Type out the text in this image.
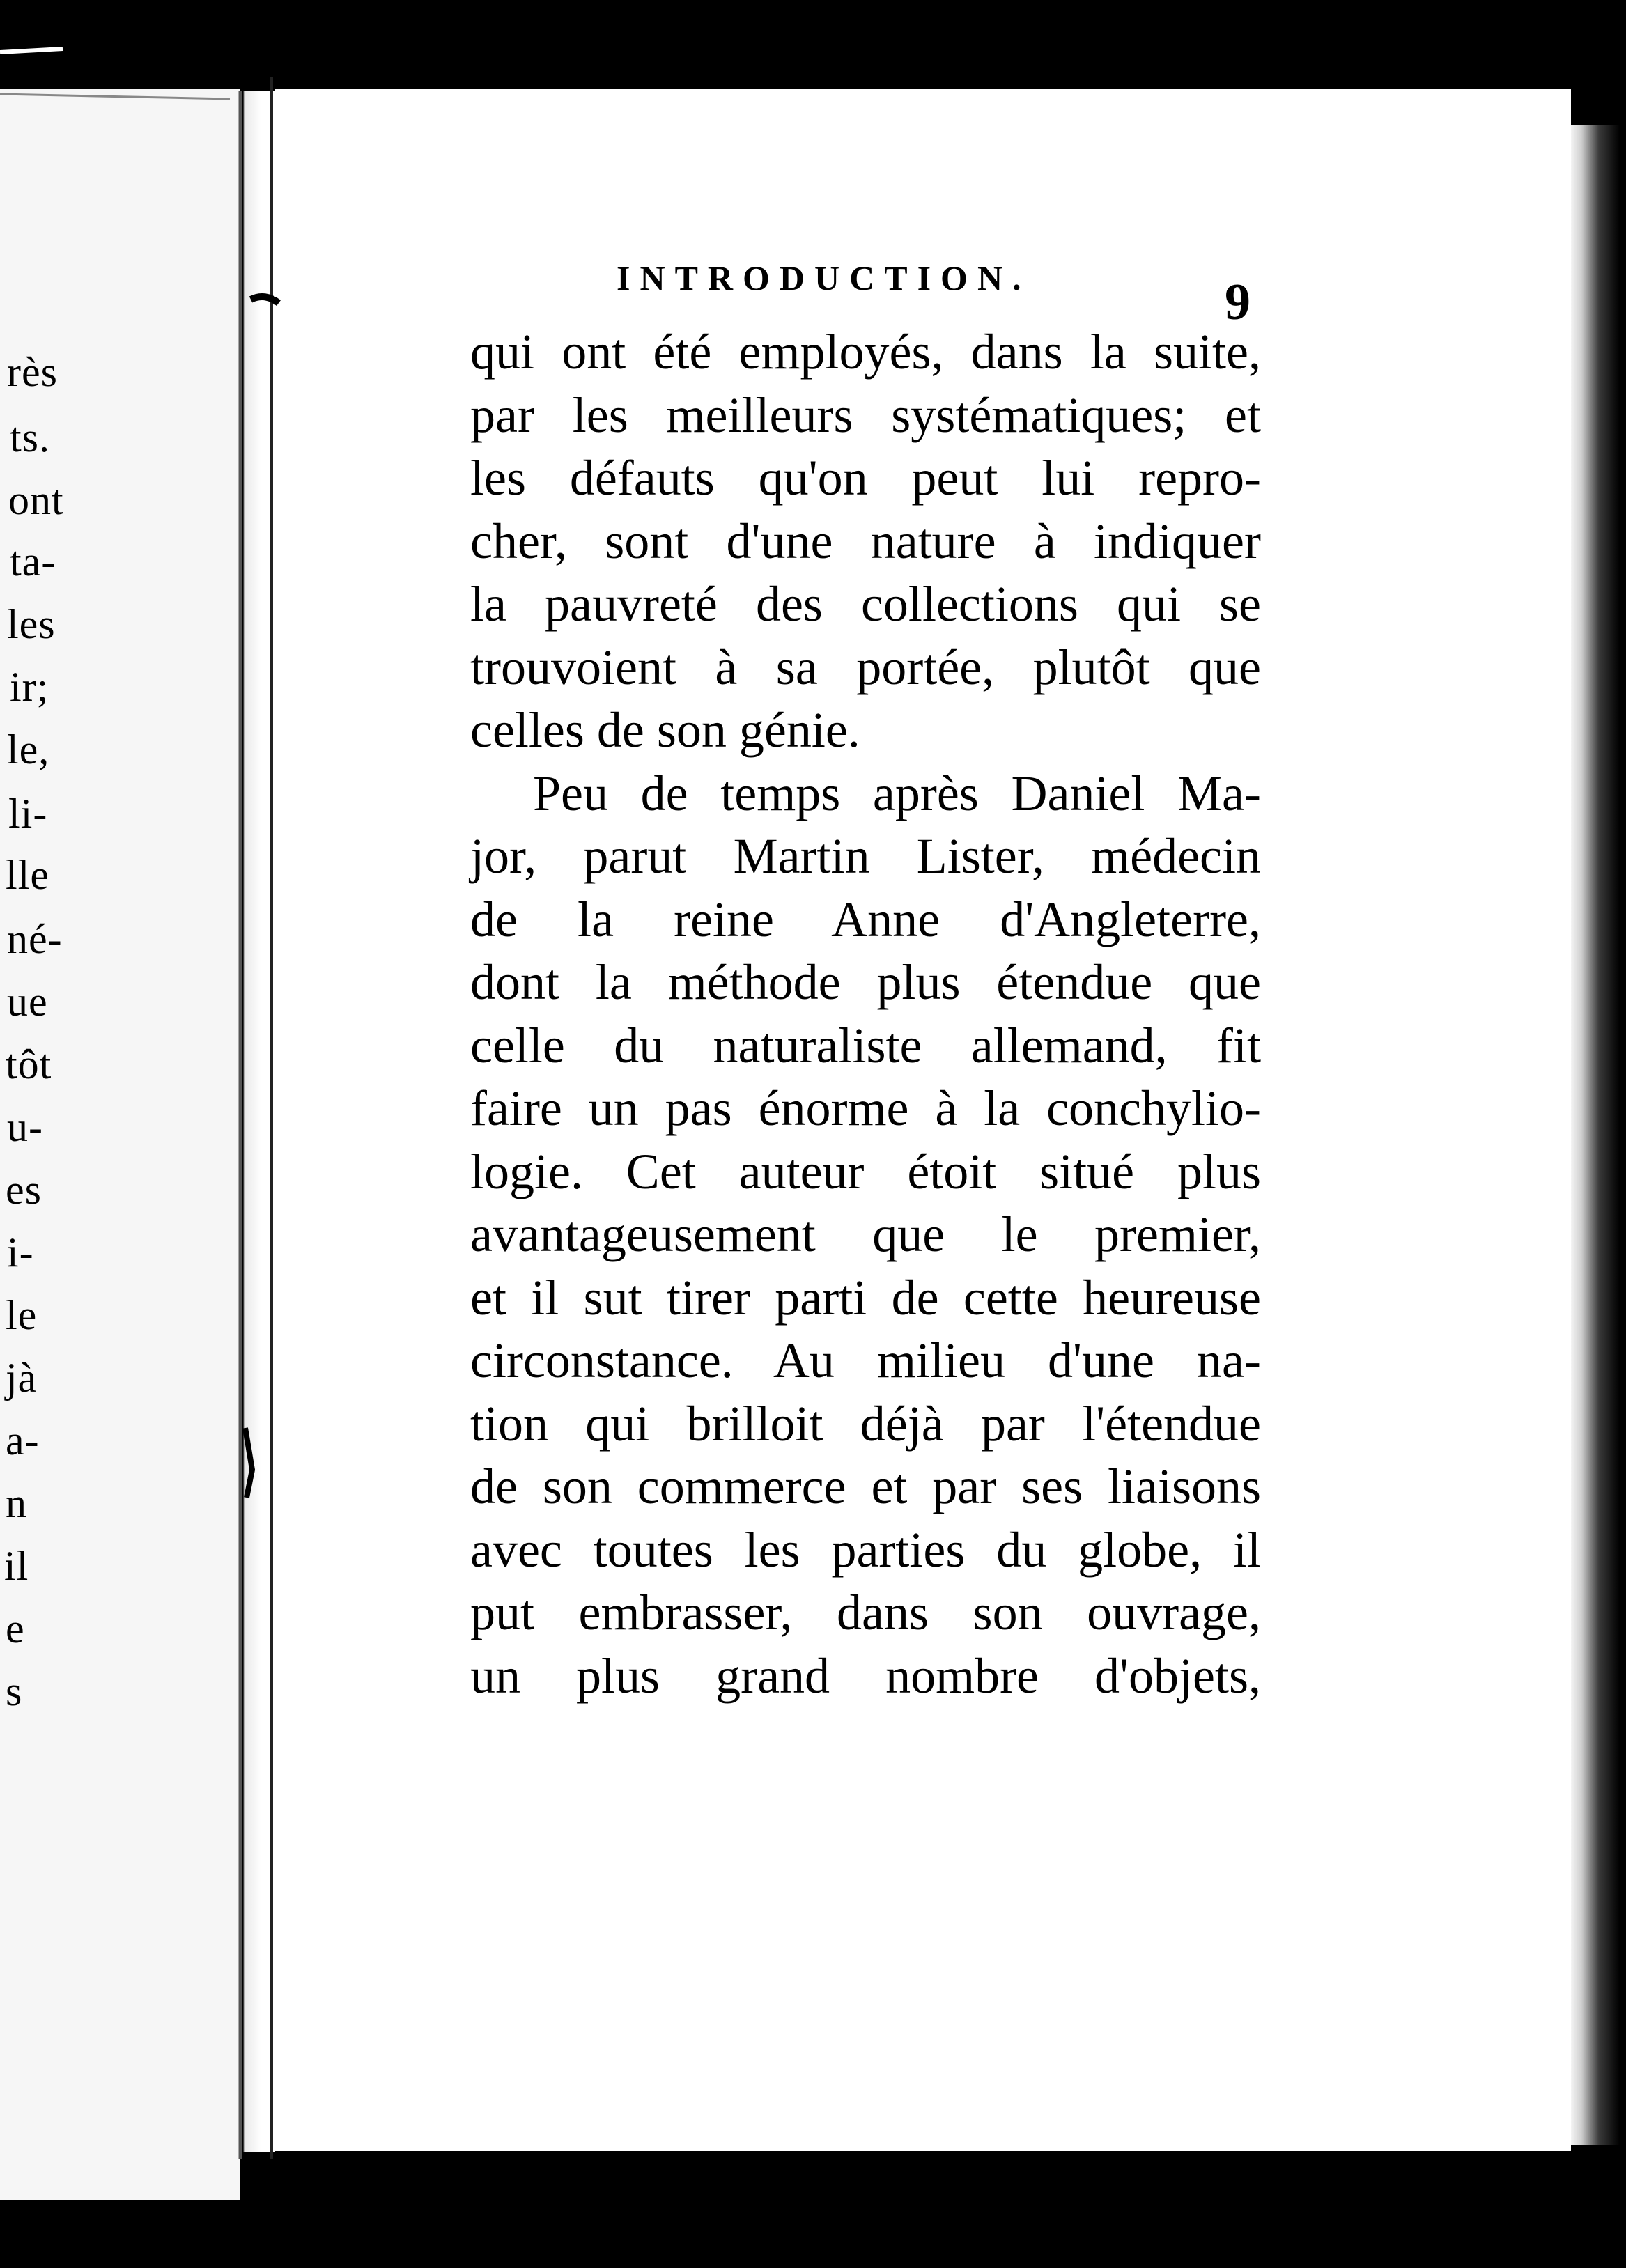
rès
ts.
ont
ta-
les
ir;
le,
li-
lle
né-
ue
tôt
u-
es
i-
le
jà
a-
n
il
e
s
INTRODUCTION.	9
qui ont été employés, dans la suite,
par les meilleurs systématiques; et
les défauts qu'on peut lui repro-
cher, sont d'une nature à indiquer
la pauvreté des collections qui se
trouvoient à sa portée, plutôt que
celles de son génie.
Peu de temps après Daniel Ma-
jor, parut Martin Lister, médecin
de la reine Anne d'Angleterre,
dont la méthode plus étendue que
celle du naturaliste allemand, fit
faire un pas énorme à la conchylio-
logie. Cet auteur étoit situé plus
avantageusement que le premier,
et il sut tirer parti de cette heureuse
circonstance. Au milieu d'une na-
tion qui brilloit déjà par l'étendue
de son commerce et par ses liaisons
avec toutes les parties du globe, il
put embrasser, dans son ouvrage,
un plus grand nombre d'objets,
